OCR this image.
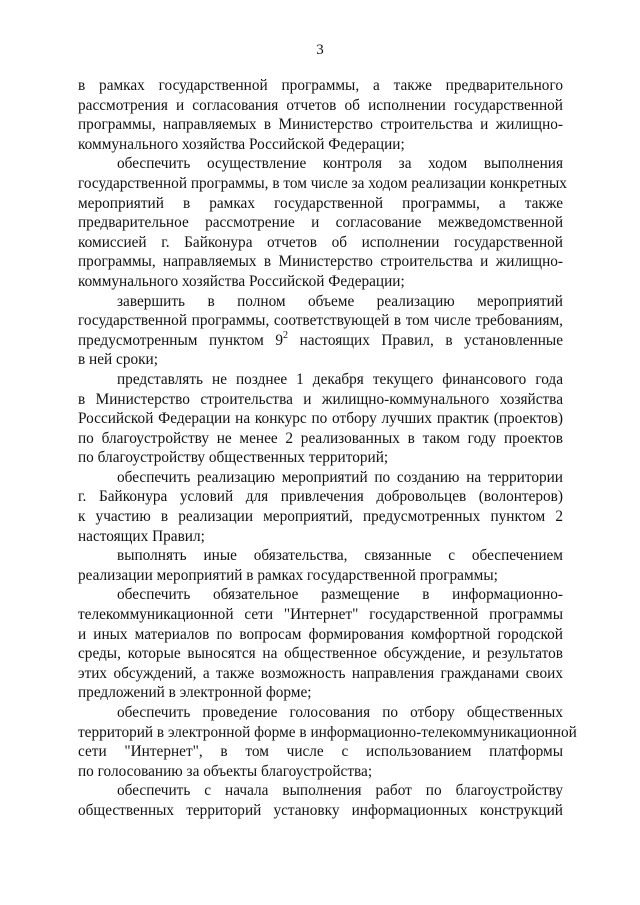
3
в рамках государственной программы, а также предварительного
рассмотрения и согласования отчетов об исполнении государственной
программы, направляемых в Министерство строительства и жилищно-
коммунального хозяйства Российской Федерации;
обеспечить осуществление контроля за ходом выполнения
государственной программы, в том числе за ходом реализации конкретных
мероприятий в рамках государственной программы, а также
предварительное рассмотрение и согласование межведомственной
комиссией г. Байконура отчетов об исполнении государственной
программы, направляемых в Министерство строительства и жилищно-
коммунального хозяйства Российской Федерации;
завершить в полном объеме реализацию мероприятий
государственной программы, соответствующей в том числе требованиям,
предусмотренным пунктом $9^2$ настоящих Правил, в установленные
в ней сроки;
представлять не позднее 1 декабря текущего финансового года
в Министерство строительства и жилищно-коммунального хозяйства
Российской Федерации на конкурс по отбору лучших практик (проектов)
по благоустройству не менее 2 реализованных в таком году проектов
по благоустройству общественных территорий;
обеспечить реализацию мероприятий по созданию на территории
г. Байконура условий для привлечения добровольцев (волонтеров)
к участию в реализации мероприятий, предусмотренных пунктом 2
настоящих Правил;
выполнять иные обязательства, связанные с обеспечением
реализации мероприятий в рамках государственной программы;
обеспечить обязательное размещение в информационно-
телекоммуникационной сети "Интернет" государственной программы
и иных материалов по вопросам формирования комфортной городской
среды, которые выносятся на общественное обсуждение, и результатов
этих обсуждений, а также возможность направления гражданами своих
предложений в электронной форме;
обеспечить проведение голосования по отбору общественных
территорий в электронной форме в информационно-телекоммуникационной
сети "Интернет", в том числе с использованием платформы
по голосованию за объекты благоустройства;
обеспечить с начала выполнения работ по благоустройству
общественных территорий установку информационных конструкций
